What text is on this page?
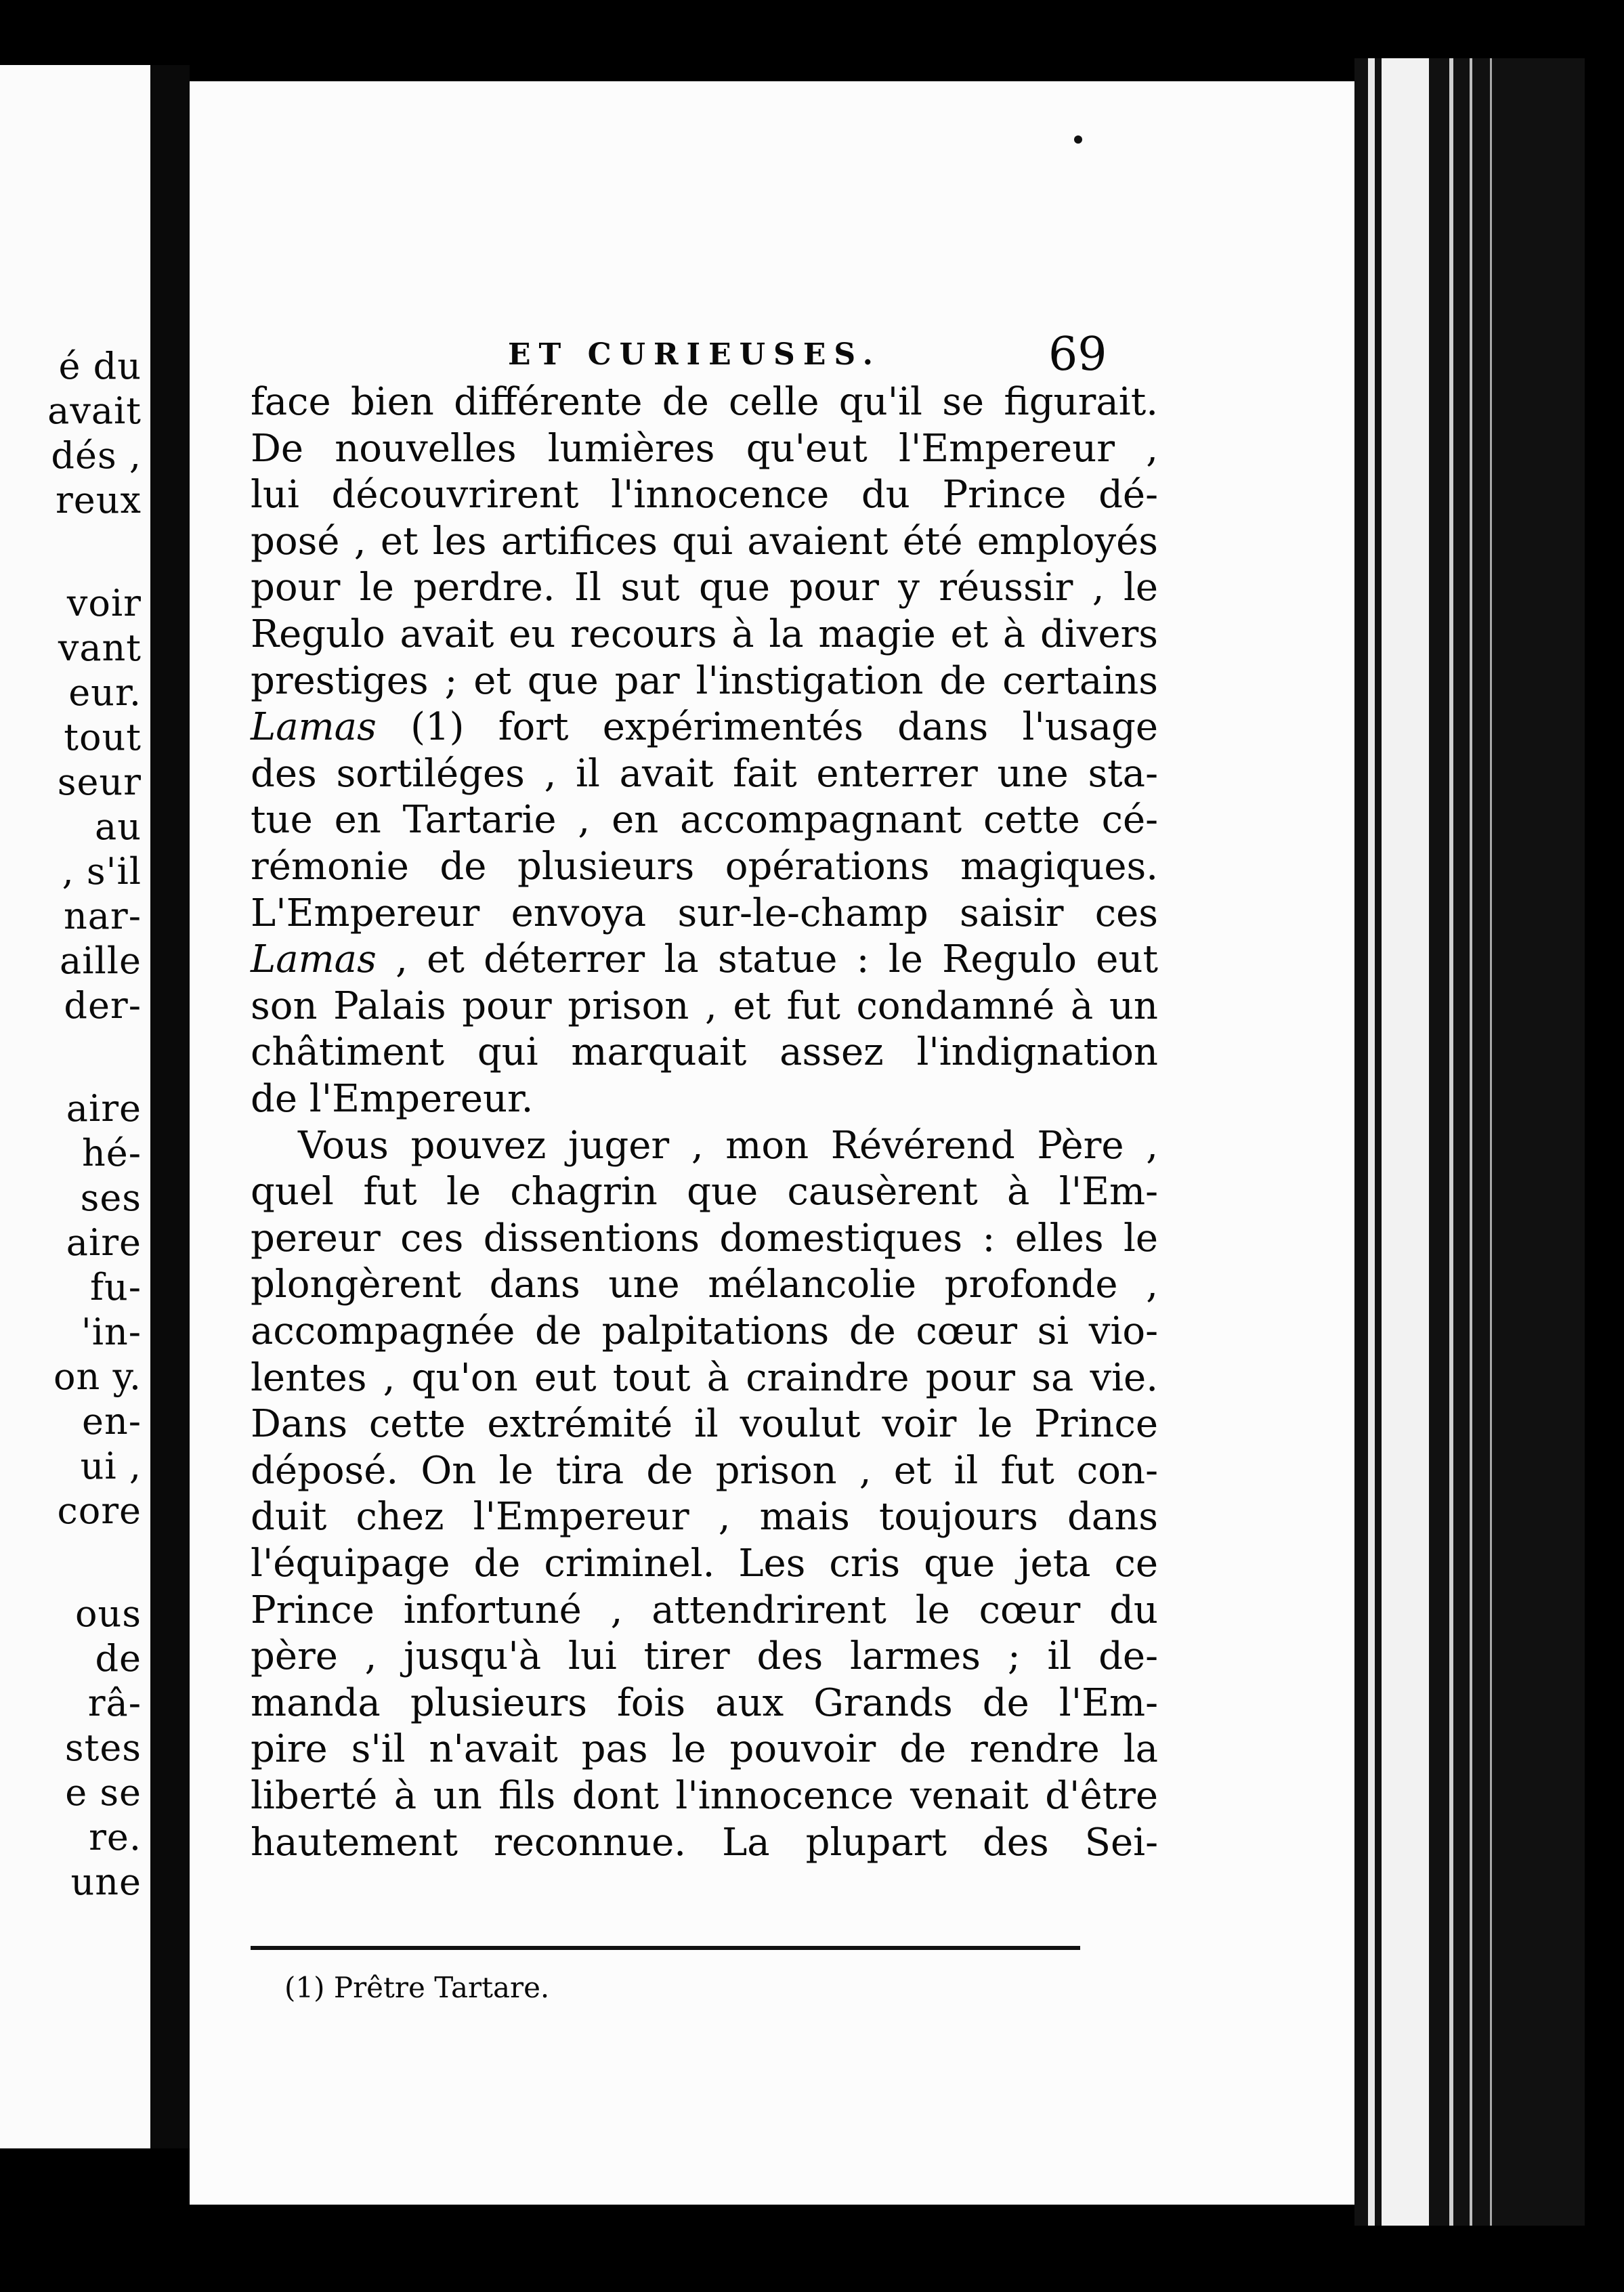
é du
avait
dés ,
reux
voir
vant
eur.
tout
seur
au
, s'il
nar-
aille
der-
aire
hé-
ses
aire
fu-
'in-
on y.
en-
ui ,
core
ous
de
râ-
stes
e se
re.
une
ET CURIEUSES.	69
face bien différente de celle qu'il se figurait.
De nouvelles lumières qu'eut l'Empereur ,
lui découvrirent l'innocence du Prince dé-
posé , et les artifices qui avaient été employés
pour le perdre. Il sut que pour y réussir , le
Regulo avait eu recours à la magie et à divers
prestiges ; et que par l'instigation de certains
Lamas (1) fort expérimentés dans l'usage
des sortiléges , il avait fait enterrer une sta-
tue en Tartarie , en accompagnant cette cé-
rémonie de plusieurs opérations magiques.
L'Empereur envoya sur-le-champ saisir ces
Lamas , et déterrer la statue : le Regulo eut
son Palais pour prison , et fut condamné à un
châtiment qui marquait assez l'indignation
de l'Empereur.
Vous pouvez juger , mon Révérend Père ,
quel fut le chagrin que causèrent à l'Em-
pereur ces dissentions domestiques : elles le
plongèrent dans une mélancolie profonde ,
accompagnée de palpitations de cœur si vio-
lentes , qu'on eut tout à craindre pour sa vie.
Dans cette extrémité il voulut voir le Prince
déposé. On le tira de prison , et il fut con-
duit chez l'Empereur , mais toujours dans
l'équipage de criminel. Les cris que jeta ce
Prince infortuné , attendrirent le cœur du
père , jusqu'à lui tirer des larmes ; il de-
manda plusieurs fois aux Grands de l'Em-
pire s'il n'avait pas le pouvoir de rendre la
liberté à un fils dont l'innocence venait d'être
hautement reconnue. La plupart des Sei-
(1) Prêtre Tartare.
